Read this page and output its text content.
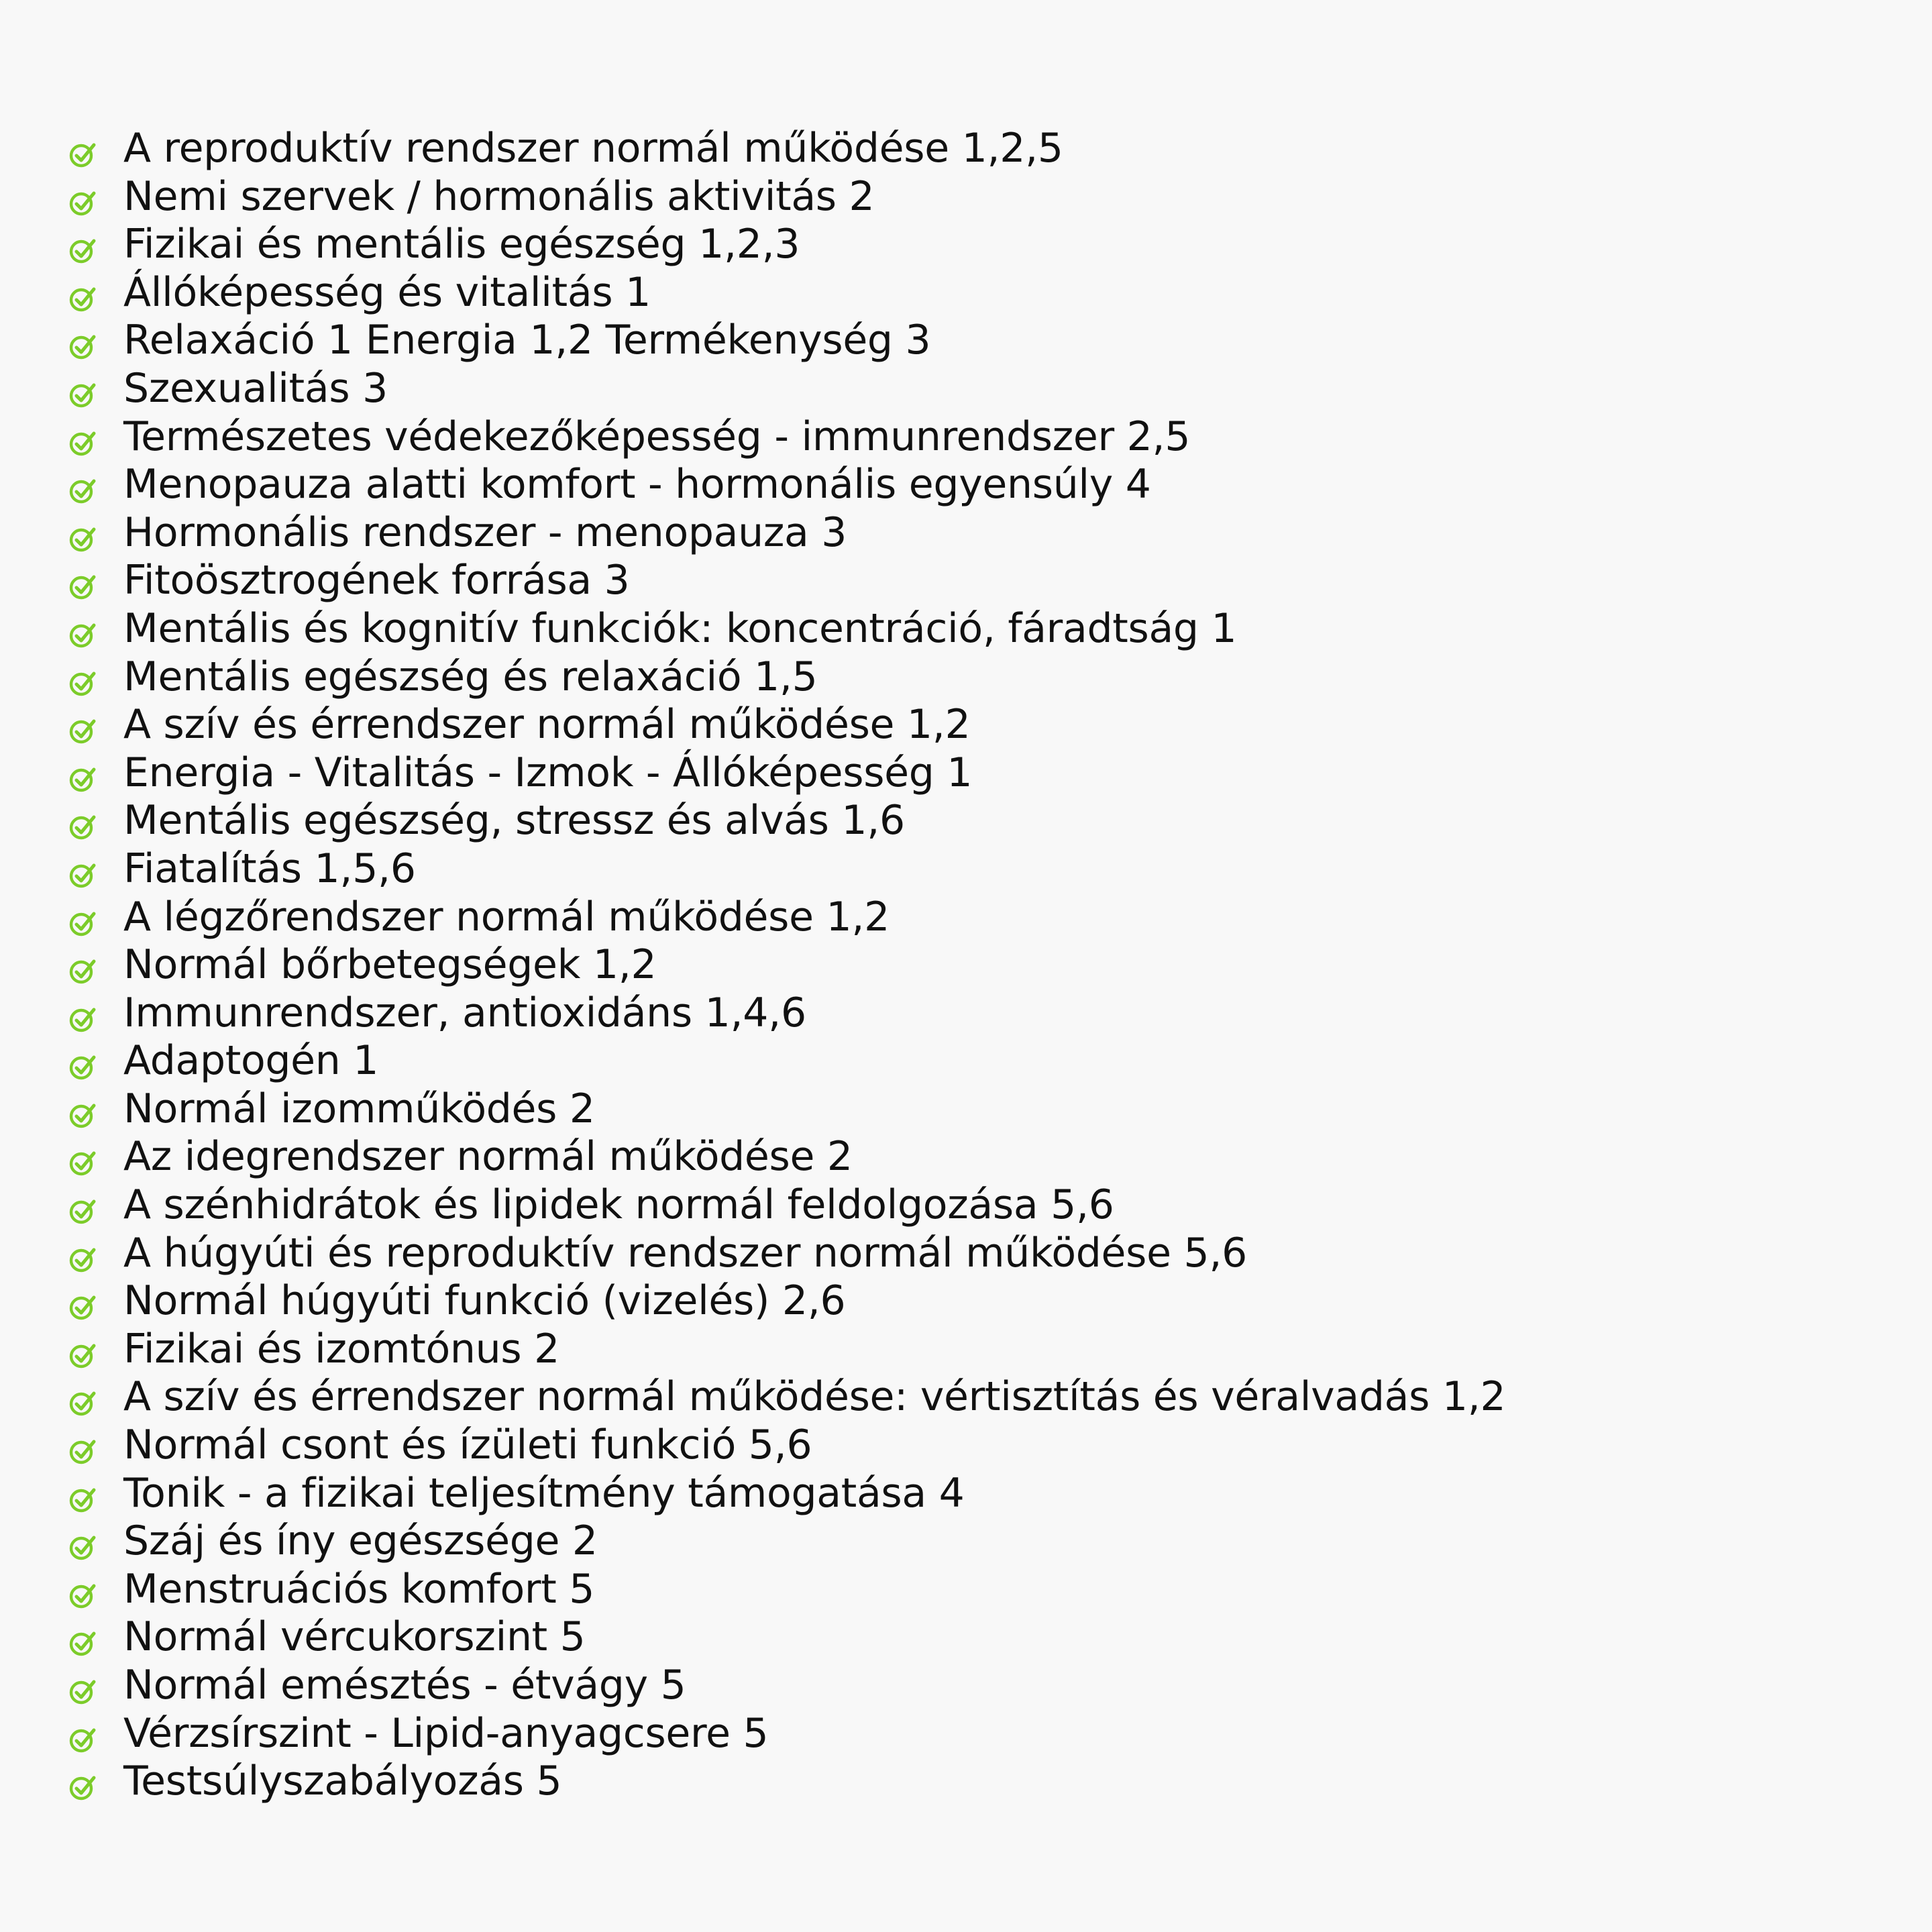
A reproduktív rendszer normál működése 1,2,5
Nemi szervek / hormonális aktivitás 2
Fizikai és mentális egészség 1,2,3
Állóképesség és vitalitás 1
Relaxáció 1 Energia 1,2 Termékenység 3
Szexualitás 3
Természetes védekezőképesség - immunrendszer 2,5
Menopauza alatti komfort - hormonális egyensúly 4
Hormonális rendszer - menopauza 3
Fitoösztrogének forrása 3
Mentális és kognitív funkciók: koncentráció, fáradtság 1
Mentális egészség és relaxáció 1,5
A szív és érrendszer normál működése 1,2
Energia - Vitalitás - Izmok - Állóképesség 1
Mentális egészség, stressz és alvás 1,6
Fiatalítás 1,5,6
A légzőrendszer normál működése 1,2
Normál bőrbetegségek 1,2
Immunrendszer, antioxidáns 1,4,6
Adaptogén 1
Normál izomműködés 2
Az idegrendszer normál működése 2
A szénhidrátok és lipidek normál feldolgozása 5,6
A húgyúti és reproduktív rendszer normál működése 5,6
Normál húgyúti funkció (vizelés) 2,6
Fizikai és izomtónus 2
A szív és érrendszer normál működése: vértisztítás és véralvadás 1,2
Normál csont és ízületi funkció 5,6
Tonik - a fizikai teljesítmény támogatása 4
Száj és íny egészsége 2
Menstruációs komfort 5
Normál vércukorszint 5
Normál emésztés - étvágy 5
Vérzsírszint - Lipid-anyagcsere 5
Testsúlyszabályozás 5
